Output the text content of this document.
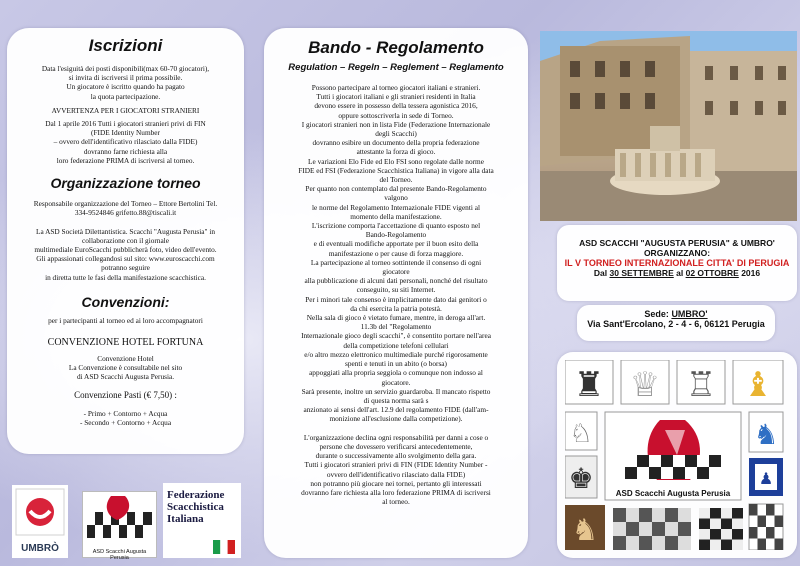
Iscrizioni
Data l'esiguità dei posti disponibili(max 60-70 giocatori),
si invita di iscriversi il prima possibile.
Un giocatore è iscritto quando ha pagato
la quota partecipazione.
AVVERTENZA PER I GIOCATORI STRANIERI
Dal 1 aprile 2016 Tutti i giocatori stranieri privi di FIN
(FIDE Identity Number
– ovvero dell'identificativo rilasciato dalla FIDE)
dovranno farne richiesta alla
loro federazione PRIMA di iscriversi al torneo.
Organizzazione torneo
Responsabile organizzazione del Torneo – Ettore Bertolini Tel.
334-9524846 grifetto.88@tiscali.it

La ASD Società Dilettantistica. Scacchi "Augusta Perusia" in
collaborazione con il giornale
multimediale EuroScacchi pubblicherà foto, video dell'evento.
Gli appassionati collegandosi sul sito: www.euroscacchi.com
potranno seguire
in diretta tutte le fasi della manifestazione scacchistica.
Convenzioni:
per i partecipanti al torneo ed ai loro accompagnatori
CONVENZIONE HOTEL FORTUNA
Convenzione Hotel
La Convenzione è consultabile nel sito
di ASD Scacchi Augusta Perusia.
Convenzione Pasti (€ 7,50) :
- Primo + Contorno + Acqua
- Secondo + Contorno + Acqua
Bando - Regolamento
Regulation – Regeln – Reglement – Reglamento
Possono partecipare al torneo giocatori italiani e stranieri.
Tutti i giocatori italiani e gli stranieri residenti in Italia
devono essere in possesso della tessera agonistica 2016,
oppure sottoscriverla in sede di Torneo.
I giocatori stranieri non in lista Fide (Federazione Internazionale
degli Scacchi)
dovranno esibire un documento della propria federazione
attestante la forza di gioco.
Le variazioni Elo Fide ed Elo FSI sono regolate dalle norme
FIDE ed FSI (Federazione Scacchistica Italiana) in vigore alla data
del Torneo.
Per quanto non contemplato dal presente Bando-Regolamento
valgono
le norme del Regolamento Internazionale FIDE vigenti al
momento della manifestazione.
L'iscrizione comporta l'accettazione di quanto esposto nel
Bando-Regolamento
e di eventuali modifiche apportate per il buon esito della
manifestazione o per cause di forza maggiore.
La partecipazione al torneo sottintende il consenso di ogni
giocatore
alla pubblicazione di alcuni dati personali, nonché del risultato
conseguito, su siti Internet.
Per i minori tale consenso è implicitamente dato dai genitori o
da chi esercita la patria potestà.
Nella sala di gioco è vietato fumare, mentre, in deroga all'art.
11.3b del "Regolamento
Internazionale gioco degli scacchi", è consentito portare nell'area
della competizione telefoni cellulari
e/o altro mezzo elettronico multimediale purché rigorosamente
spenti e tenuti in un abito (o borsa)
appoggiati alla propria seggiola o comunque non indosso al
giocatore.
Sarà presente, inoltre un servizio guardaroba. Il mancato rispetto
di questa norma sarà s
anzionato ai sensi dell'art. 12.9 del regolamento FIDE (dall'am-
monizione all'esclusione dalla competizione).

L'organizzazione declina ogni responsabilità per danni a cose o
persone che dovessero verificarsi antecedentemente,
durante o successivamente allo svolgimento della gara.
Tutti i giocatori stranieri privi di FIN (FIDE Identity Number -
ovvero dell'identificativo rilasciato dalla FIDE)
non potranno più giocare nei tornei, pertanto gli interessati
dovranno fare richiesta alla loro federazione PRIMA di iscriversi
al torneo.
ASD SCACCHI "AUGUSTA PERUSIA" & UMBRO'
ORGANIZZANO:
IL V TORNEO INTERNAZIONALE CITTA' DI PERUGIA
Dal 30 SETTEMBRE al 02 OTTOBRE 2016
Sede: UMBRO'
Via Sant'Ercolano, 2 - 4 - 6, 06121 Perugia
♜ ♕ ♖ ♝
♘
♚
♞
ASD Scacchi Augusta Perusia
♞
♟
UMBRÒ	ASD Scacchi Augusta Perusia
Federazione
Scacchistica
Italiana
